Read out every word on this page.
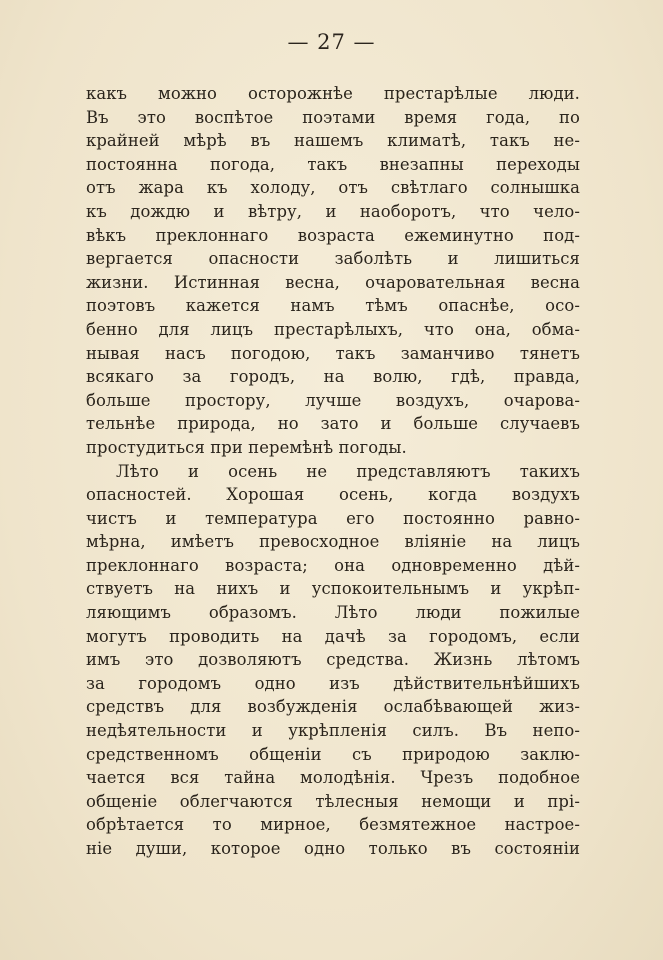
— 27 —
какъ можно осторожнѣе престарѣлые люди.
Въ это воспѣтое поэтами время года, по
крайней мѣрѣ въ нашемъ климатѣ, такъ не-
постоянна погода, такъ внезапны переходы
отъ жара къ холоду, отъ свѣтлаго солнышка
къ дождю и вѣтру, и наоборотъ, что чело-
вѣкъ преклоннаго возраста ежеминутно под-
вергается опасности заболѣть и лишиться
жизни. Истинная весна, очаровательная весна
поэтовъ кажется намъ тѣмъ опаснѣе, осо-
бенно для лицъ престарѣлыхъ, что она, обма-
нывая насъ погодою, такъ заманчиво тянетъ
всякаго за городъ, на волю, гдѣ, правда,
больше простору, лучше воздухъ, очарова-
тельнѣе природа, но зато и больше случаевъ
простудиться при перемѣнѣ погоды.
Лѣто и осень не представляютъ такихъ
опасностей. Хорошая осень, когда воздухъ
чистъ и температура его постоянно равно-
мѣрна, имѣетъ превосходное вліяніе на лицъ
преклоннаго возраста; она одновременно дѣй-
ствуетъ на нихъ и успокоительнымъ и укрѣп-
ляющимъ образомъ. Лѣто люди пожилые
могутъ проводить на дачѣ за городомъ, если
имъ это дозволяютъ средства. Жизнь лѣтомъ
за городомъ одно изъ дѣйствительнѣйшихъ
средствъ для возбужденія ослабѣвающей жиз-
недѣятельности и укрѣпленія силъ. Въ непо-
средственномъ общеніи съ природою заклю-
чается вся тайна молодѣнія. Чрезъ подобное
общеніе облегчаются тѣлесныя немощи и прі-
обрѣтается то мирное, безмятежное настрое-
ніе души, которое одно только въ состояніи
